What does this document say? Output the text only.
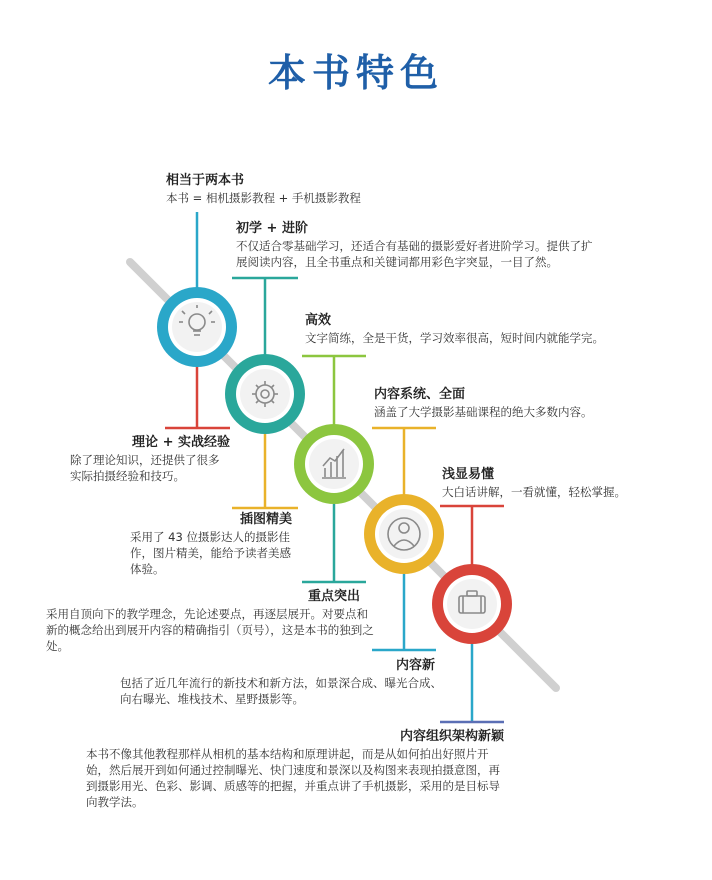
本书特色
相当于两本书

本书 = 相机摄影教程 + 手机摄影教程

初学 + 进阶

不仅适合零基础学习，还适合有基础的摄影爱好者进阶学习。提供了扩展阅读内容，且全书重点和关键词都用彩色字突显，一目了然。

理论 + 实战经验

除了理论知识，还提供了很多实际拍摄经验和技巧。

高效

文字简练，全是干货，学习效率很高，短时间内就能学完。

插图精美

采用了 43 位摄影达人的摄影佳作，图片精美，能给予读者美感体验。

内容系统、全面

涵盖了大学摄影基础课程的绝大多数内容。

重点突出

采用自顶向下的教学理念，先论述要点，再逐层展开。对要点和新的概念给出到展开内容的精确指引（页号），这是本书的独到之处。

浅显易懂

大白话讲解，一看就懂，轻松掌握。

内容新

包括了近几年流行的新技术和新方法，如景深合成、曝光合成、向右曝光、堆栈技术、星野摄影等。

内容组织架构新颖

本书不像其他教程那样从相机的基本结构和原理讲起，而是从如何拍出好照片开始，然后展开到如何通过控制曝光、快门速度和景深以及构图来表现拍摄意图，再到摄影用光、色彩、影调、质感等的把握，并重点讲了手机摄影，采用的是目标导向教学法。
